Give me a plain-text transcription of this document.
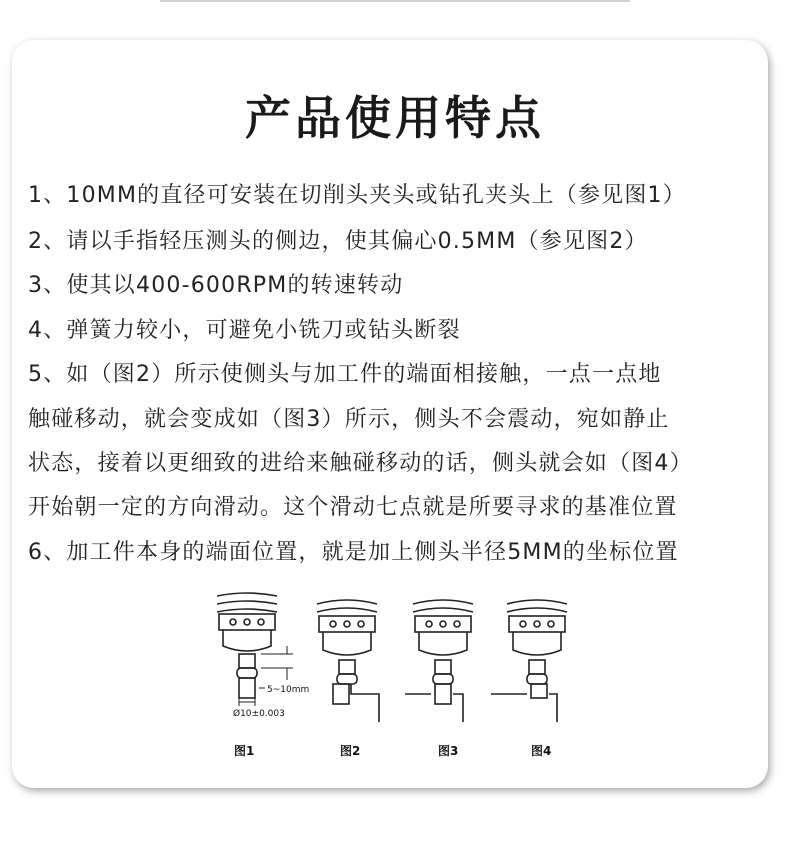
产品使用特点
1、10MM的直径可安装在切削头夹头或钻孔夹头上（参见图1）
2、请以手指轻压测头的侧边，使其偏心0.5MM（参见图2）
3、使其以400-600RPM的转速转动
4、弹簧力较小，可避免小铣刀或钻头断裂
5、如（图2）所示使侧头与加工件的端面相接触，一点一点地
触碰移动，就会变成如（图3）所示，侧头不会震动，宛如静止
状态，接着以更细致的进给来触碰移动的话，侧头就会如（图4）
开始朝一定的方向滑动。这个滑动七点就是所要寻求的基准位置
6、加工件本身的端面位置，就是加上侧头半径5MM的坐标位置
5~10mm
Ø10±0.003
图1	图2	图3	图4
